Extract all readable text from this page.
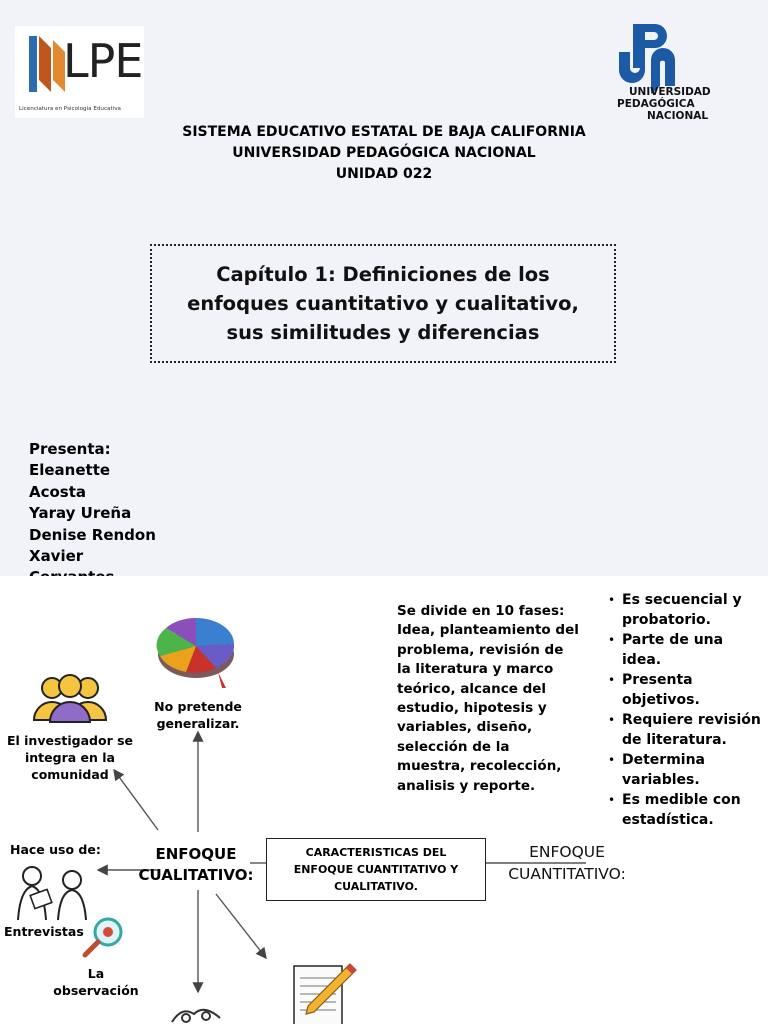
LPE
Licenciatura en Psicología Educativa
UNIVERSIDAD
PEDAGÓGICA
NACIONAL
SISTEMA EDUCATIVO ESTATAL DE BAJA CALIFORNIA
UNIVERSIDAD PEDAGÓGICA NACIONAL
UNIDAD 022
Capítulo 1: Definiciones de los
enfoques cuantitativo y cualitativo,
sus similitudes y diferencias
Presenta:
Eleanette
Acosta
Yaray Ureña
Denise Rendon
Xavier
No pretende
generalizar.
El investigador se
integra en la
comunidad
Hace uso de:
Entrevistas
La
observación
ENFOQUE
CUALITATIVO:
CARACTERISTICAS DEL
ENFOQUE CUANTITATIVO Y
CUALITATIVO.
ENFOQUE
CUANTITATIVO:
Se divide en 10 fases:
Idea, planteamiento del
problema, revisión de
la literatura y marco
teórico, alcance del
estudio, hipotesis y
variables, diseño,
selección de la
muestra, recolección,
analisis y reporte.
• Es secuencial y
probatorio.
• Parte de una
idea.
• Presenta
objetivos.
• Requiere revisión
de literatura.
• Determina
variables.
• Es medible con
estadística.
